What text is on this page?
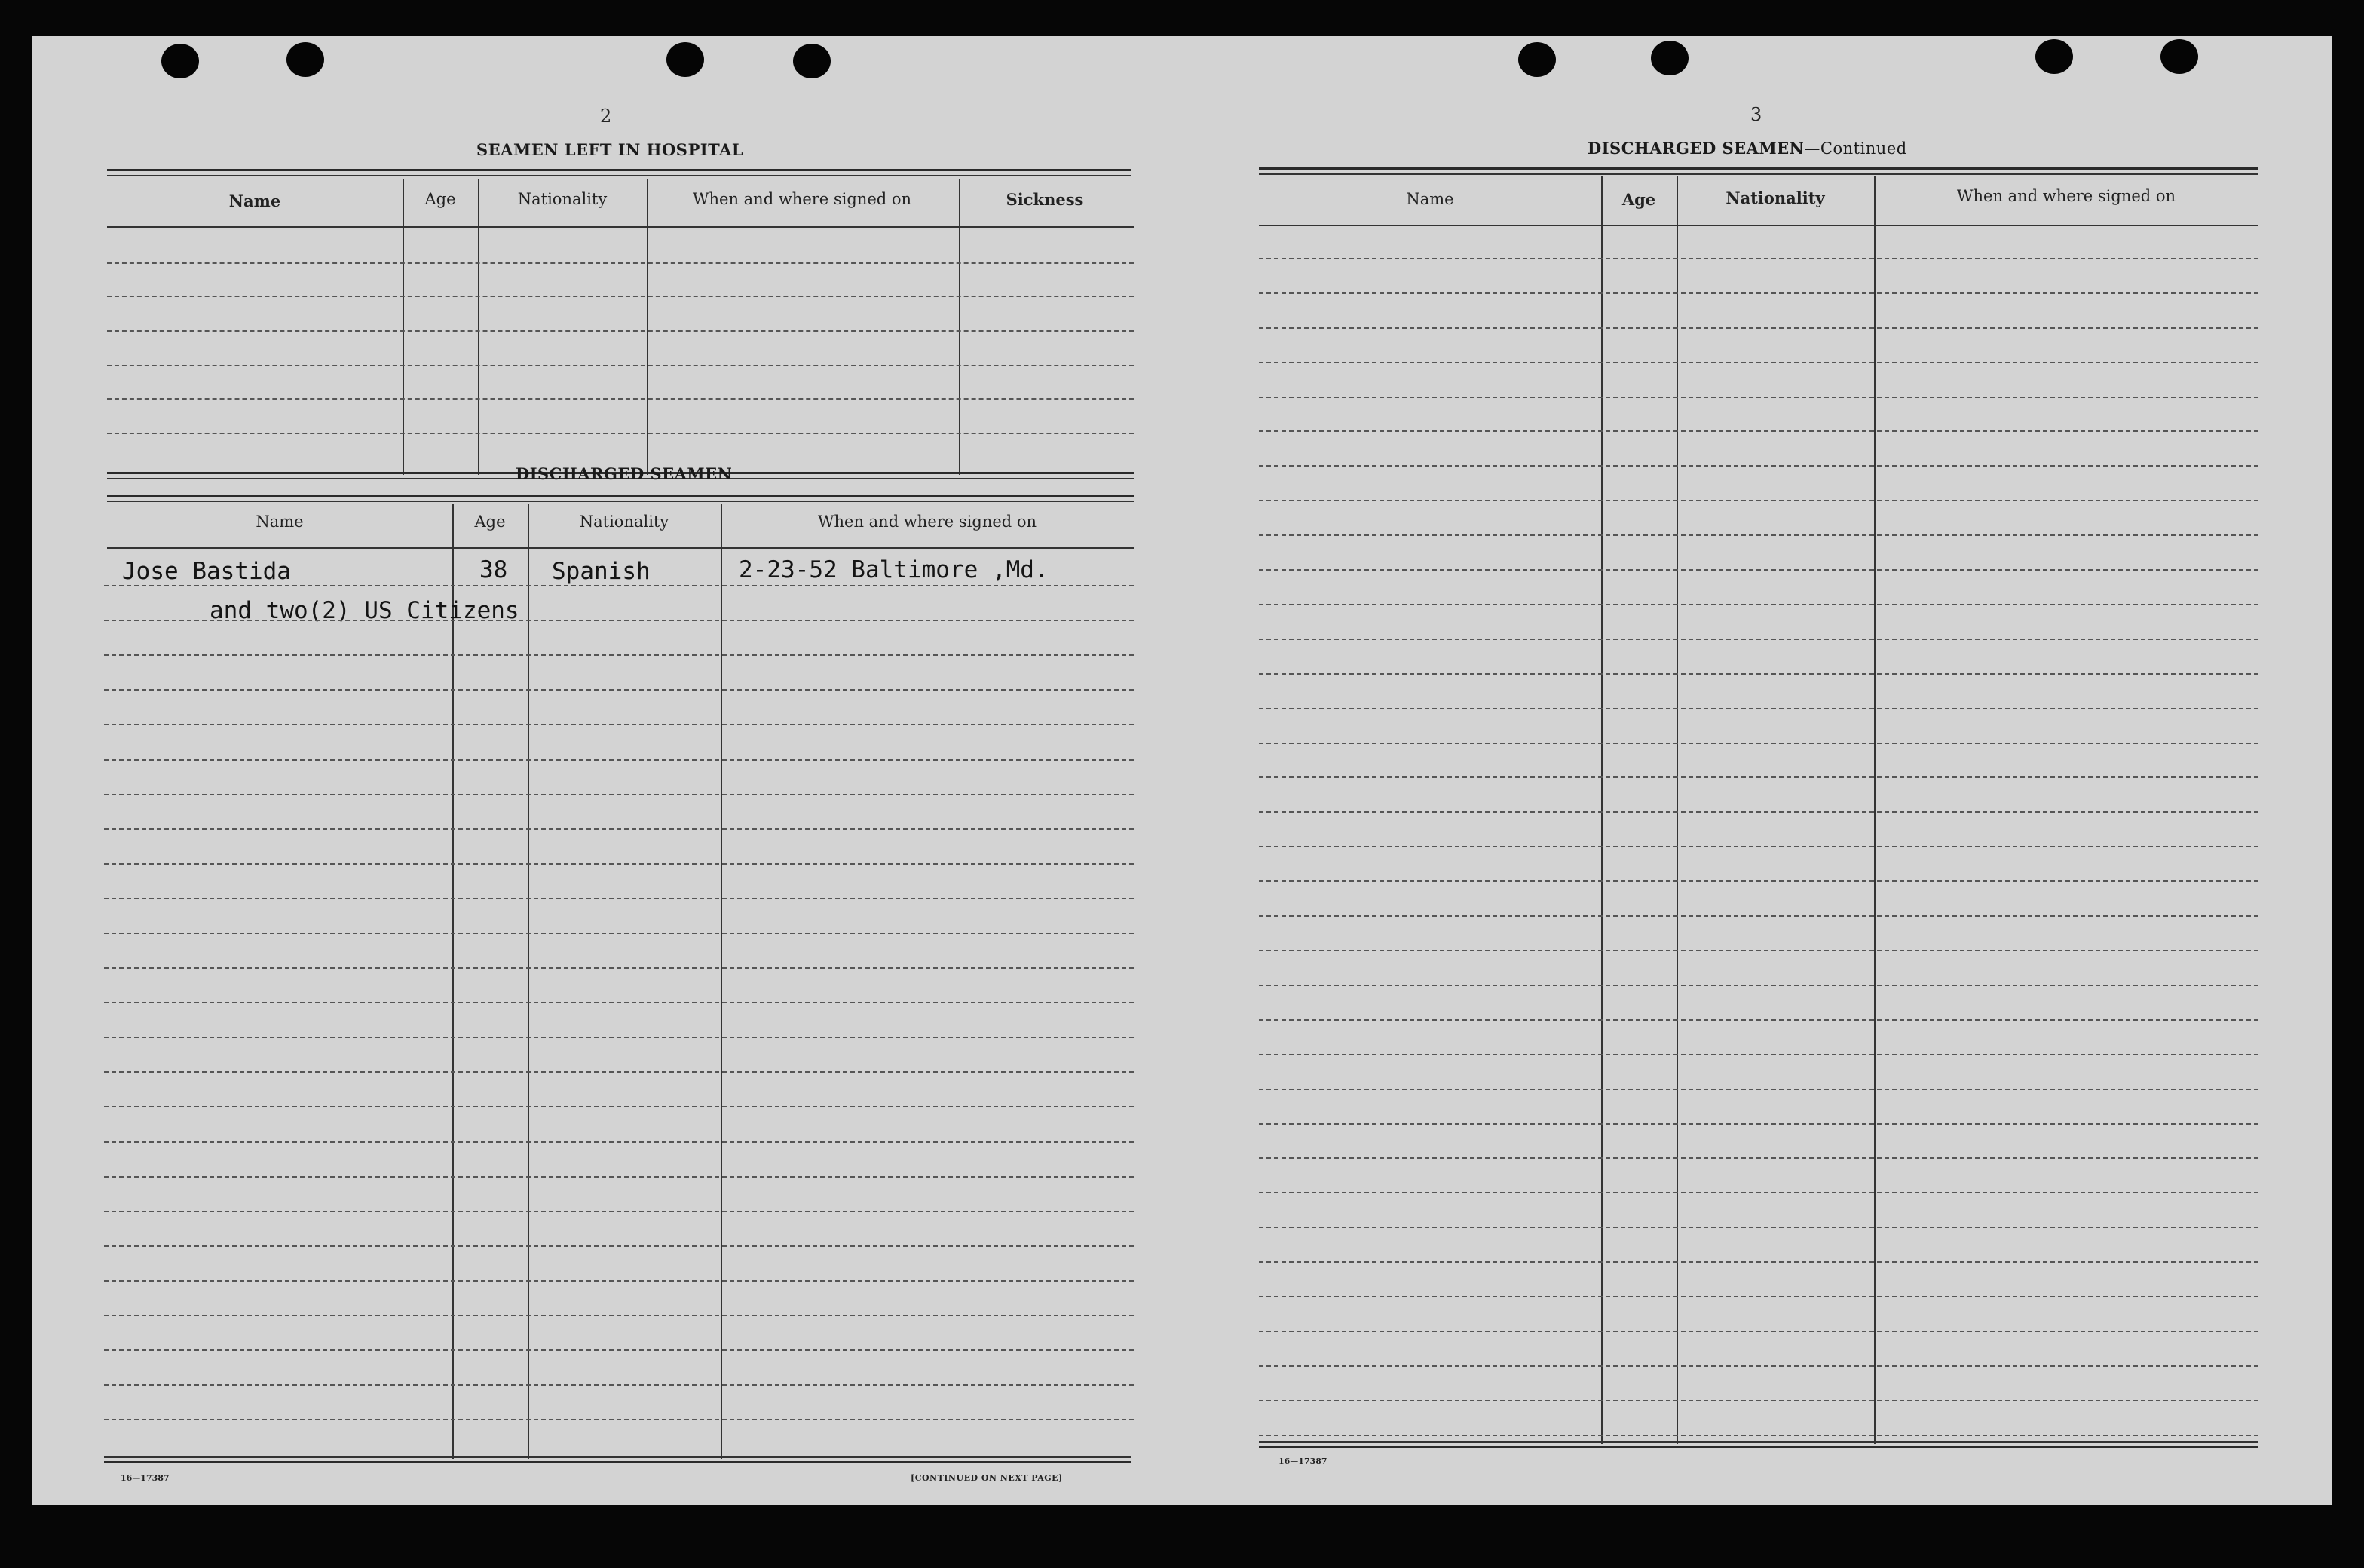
2
SEAMEN LEFT IN HOSPITAL
Name	Age	Nationality	When and where signed on	Sickness
DISCHARGED SEAMEN
Name	Age	Nationality	When and where signed on
Jose Bastida	38 Spanish	2-23-52 Baltimore ,Md.
and two(2) US Citizens
16—17387	[CONTINUED ON NEXT PAGE]
3
DISCHARGED SEAMEN—Continued
Name	Age	Nationality	When and where signed on
16—17387
